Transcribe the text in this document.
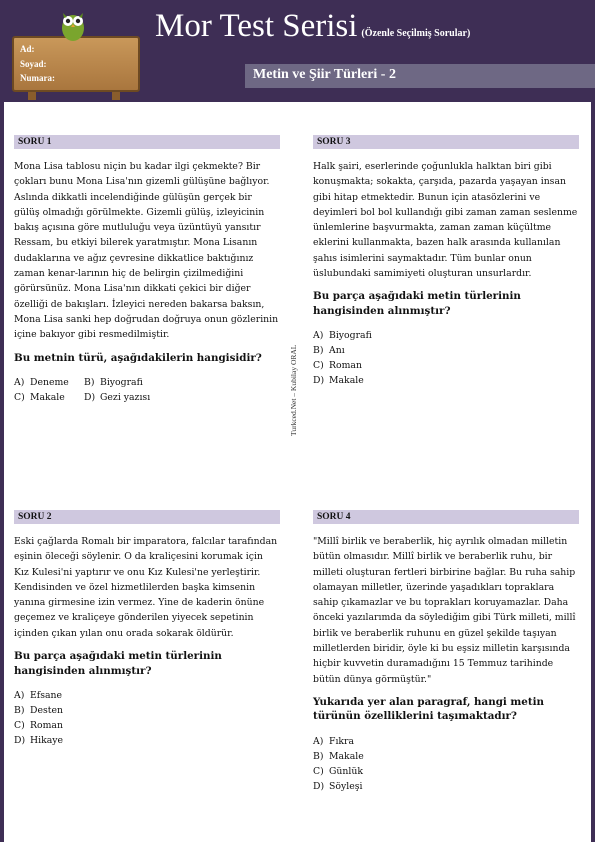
Ad:
Soyad:
Numara:
Mor Test Serisi (Özenle Seçilmiş Sorular)
Metin ve Şiir Türleri - 2
Turkced.Net – Kubilay ORAL
SORU 1
Mona Lisa tablosu niçin bu kadar ilgi çekmekte? Bir çokları bunu Mona Lisa'nın gizemli gülüşüne bağlıyor. Aslında dikkatli incelendiğinde gülüşün gerçek bir gülüş olmadığı görülmekte. Gizemli gülüş, izleyicinin bakış açısına göre mutluluğu veya üzüntüyü yansıtır Ressam, bu etkiyi bilerek yaratmıştır. Mona Lisanın dudaklarına ve ağız çevresine dikkatlice baktığınız zaman kenar-larının hiç de belirgin çizilmediğini görürsünüz. Mona Lisa'nın dikkati çekici bir diğer özelliği de bakışları. İzleyici nereden bakarsa baksın, Mona Lisa sanki hep doğrudan doğruya onun gözlerinin içine bakıyor gibi resmedilmiştir.
Bu metnin türü, aşağıdakilerin hangisidir?
A) Deneme B) Biyografi
C) Makale D) Gezi yazısı
SORU 2
Eski çağlarda Romalı bir imparatora, falcılar tarafından eşinin öleceği söylenir. O da kraliçesini korumak için Kız Kulesi'ni yaptırır ve onu Kız Kulesi'ne yerleştirir. Kendisinden ve özel hizmetlilerden başka kimsenin yanına girmesine izin vermez. Yine de kaderin önüne geçemez ve kraliçeye gönderilen yiyecek sepetinin içinden çıkan yılan onu orada sokarak öldürür.
Bu parça aşağıdaki metin türlerinin hangisinden alınmıştır?
A) Efsane
B) Desten
C) Roman
D) Hikaye
SORU 3
Halk şairi, eserlerinde çoğunlukla halktan biri gibi konuşmakta; sokakta, çarşıda, pazarda yaşayan insan gibi hitap etmektedir. Bunun için atasözlerini ve deyimleri bol bol kullandığı gibi zaman zaman seslenme ünlemlerine başvurmakta, zaman zaman küçültme eklerini kullanmakta, bazen halk arasında kullanılan şahıs isimlerini saymaktadır. Tüm bunlar onun üslubundaki samimiyeti oluşturan unsurlardır.
Bu parça aşağıdaki metin türlerinin hangisinden alınmıştır?
A) Biyografi
B) Anı
C) Roman
D) Makale
SORU 4
"Millî birlik ve beraberlik, hiç ayrılık olmadan milletin bütün olmasıdır. Millî birlik ve beraberlik ruhu, bir milleti oluşturan fertleri birbirine bağlar. Bu ruha sahip olamayan milletler, üzerinde yaşadıkları topraklara sahip çıkamazlar ve bu toprakları koruyamazlar. Daha önceki yazılarımda da söylediğim gibi Türk milleti, millî birlik ve beraberlik ruhunu en güzel şekilde taşıyan milletlerden biridir, öyle ki bu eşsiz milletin karşısında hiçbir kuvvetin duramadığını 15 Temmuz tarihinde bütün dünya görmüştür."
Yukarıda yer alan paragraf, hangi metin türünün özelliklerini taşımaktadır?
A) Fıkra
B) Makale
C) Günlük
D) Söyleşi
